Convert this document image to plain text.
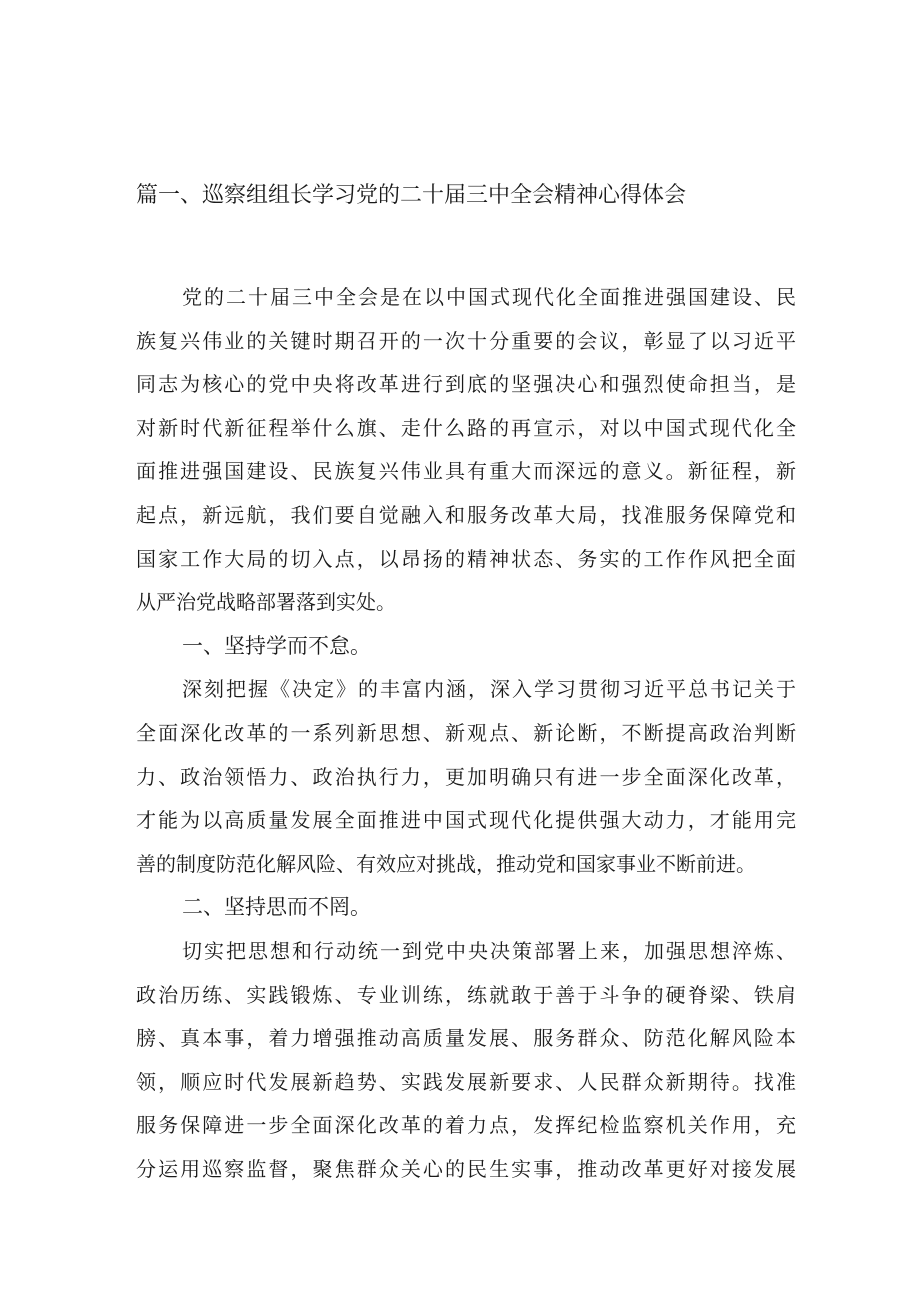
篇一、巡察组组长学习党的二十届三中全会精神心得体会

党的二十届三中全会是在以中国式现代化全面推进强国建设、民

族复兴伟业的关键时期召开的一次十分重要的会议，彰显了以习近平

同志为核心的党中央将改革进行到底的坚强决心和强烈使命担当，是

对新时代新征程举什么旗、走什么路的再宣示，对以中国式现代化全

面推进强国建设、民族复兴伟业具有重大而深远的意义。新征程，新

起点，新远航，我们要自觉融入和服务改革大局，找准服务保障党和

国家工作大局的切入点，以昂扬的精神状态、务实的工作作风把全面

从严治党战略部署落到实处。

一、坚持学而不怠。

深刻把握《决定》的丰富内涵，深入学习贯彻习近平总书记关于

全面深化改革的一系列新思想、新观点、新论断，不断提高政治判断

力、政治领悟力、政治执行力，更加明确只有进一步全面深化改革，

才能为以高质量发展全面推进中国式现代化提供强大动力，才能用完

善的制度防范化解风险、有效应对挑战，推动党和国家事业不断前进。

二、坚持思而不罔。

切实把思想和行动统一到党中央决策部署上来，加强思想淬炼、

政治历练、实践锻炼、专业训练，练就敢于善于斗争的硬脊梁、铁肩

膀、真本事，着力增强推动高质量发展、服务群众、防范化解风险本

领，顺应时代发展新趋势、实践发展新要求、人民群众新期待。找准

服务保障进一步全面深化改革的着力点，发挥纪检监察机关作用，充

分运用巡察监督，聚焦群众关心的民生实事，推动改革更好对接发展
